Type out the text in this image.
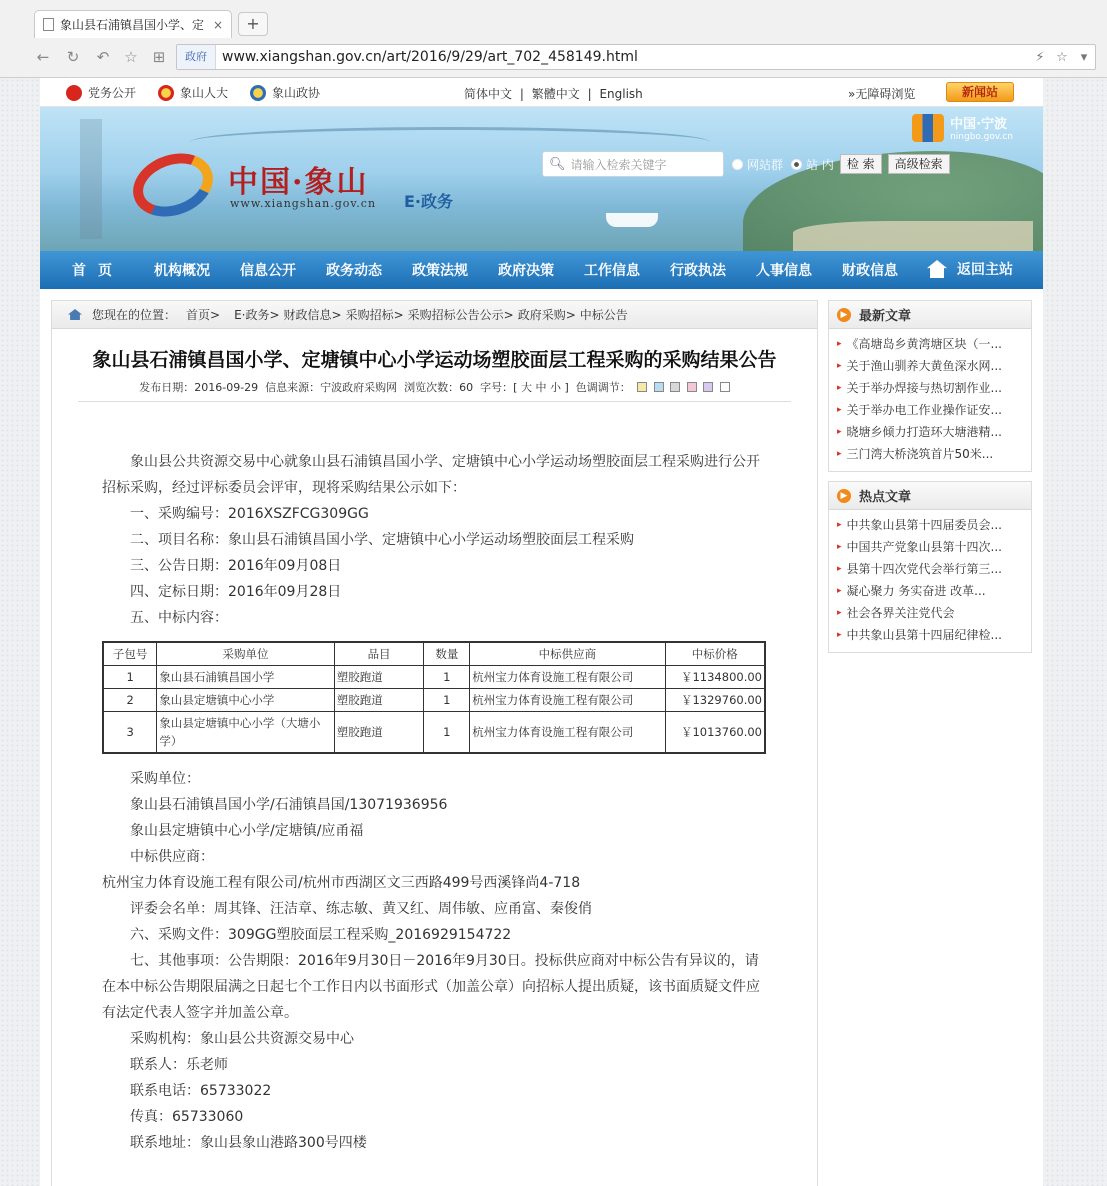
象山县石浦镇昌国小学、定 ×	+
←	↻	↶ ☆ ⊞	政府	www.xiangshan.gov.cn/art/2016/9/29/art_702_458149.html	⚡ ☆ ▾
党务公开	象山人大	象山政协	简体中文 | 繁體中文 | English	»无障碍浏览	新闻站
中国·象山
www.xiangshan.gov.cn E·政务
中国·宁波
ningbo.gov.cn
🔍︎ 请输入检索关键字	网站群 站 内	检 索	高级检索
首页 机构概况 信息公开 政务动态 政策法规 政府决策 工作信息 行政执法 人事信息 财政信息	返回主站
您现在的位置： 首页> E·政务> 财政信息> 采购招标> 采购招标公告公示> 政府采购> 中标公告
象山县石浦镇昌国小学、定塘镇中心小学运动场塑胶面层工程采购的采购结果公告
发布日期：2016-09-29 信息来源：宁波政府采购网 浏览次数：60 字号：[ 大 中 小 ] 色调调节：

象山县公共资源交易中心就象山县石浦镇昌国小学、定塘镇中心小学运动场塑胶面层工程采购进行公开招标采购，经过评标委员会评审，现将采购结果公示如下：

一、采购编号：2016XSZFCG309GG

二、项目名称：象山县石浦镇昌国小学、定塘镇中心小学运动场塑胶面层工程采购

三、公告日期：2016年09月08日

四、定标日期：2016年09月28日

五、中标内容：

子包号	采购单位	品目	数量	中标供应商	中标价格
1	象山县石浦镇昌国小学	塑胶跑道	1	杭州宝力体育设施工程有限公司	￥1134800.00
2	象山县定塘镇中心小学	塑胶跑道	1	杭州宝力体育设施工程有限公司	￥1329760.00
3	象山县定塘镇中心小学（大塘小学）	塑胶跑道	1	杭州宝力体育设施工程有限公司	￥1013760.00

采购单位：

象山县石浦镇昌国小学/石浦镇昌国/13071936956

象山县定塘镇中心小学/定塘镇/应甬福

中标供应商：

杭州宝力体育设施工程有限公司/杭州市西湖区文三西路499号西溪锋尚4-718

评委会名单：周其锋、汪洁章、练志敏、黄又红、周伟敏、应甬富、秦俊俏

六、采购文件：309GG塑胶面层工程采购_2016929154722

七、其他事项：公告期限：2016年9月30日－2016年9月30日。投标供应商对中标公告有异议的，请在本中标公告期限届满之日起七个工作日内以书面形式（加盖公章）向招标人提出质疑，该书面质疑文件应有法定代表人签字并加盖公章。

采购机构：象山县公共资源交易中心

联系人：乐老师

联系电话：65733022

传真：65733060

联系地址：象山县象山港路300号四楼

▶ 最新文章
▸ 《高塘岛乡黄湾塘区块（一...
▸ 关于渔山驯养大黄鱼深水网...
▸ 关于举办焊接与热切割作业...
▸ 关于举办电工作业操作证安...
▸ 晓塘乡倾力打造环大塘港精...
▸ 三门湾大桥浇筑首片50米...
▶ 热点文章
▸ 中共象山县第十四届委员会...
▸ 中国共产党象山县第十四次...
▸ 县第十四次党代会举行第三...
▸ 凝心聚力 务实奋进 改革...
▸ 社会各界关注党代会
▸ 中共象山县第十四届纪律检...
